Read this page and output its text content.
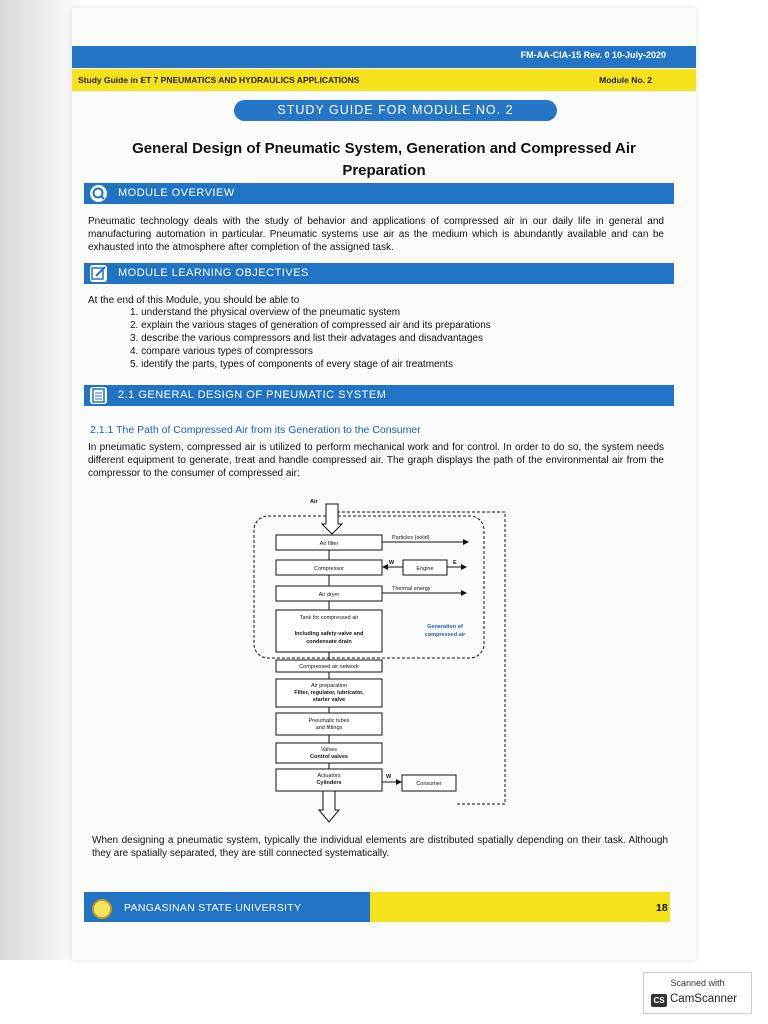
FM-AA-CIA-15 Rev. 0 10-July-2020
Study Guide in ET 7 PNEUMATICS AND HYDRAULICS APPLICATIONS	Module No. 2
STUDY GUIDE FOR MODULE NO. 2
General Design of Pneumatic System, Generation and Compressed Air
Preparation
MODULE OVERVIEW
Pneumatic technology deals with the study of behavior and applications of compressed air in our daily life in general and manufacturing automation in particular. Pneumatic systems use air as the medium which is abundantly available and can be exhausted into the atmosphere after completion of the assigned task.
MODULE LEARNING OBJECTIVES
At the end of this Module, you should be able to
1. understand the physical overview of the pneumatic system
2. explain the various stages of generation of compressed air and its preparations
3. describe the various compressors and list their advatages and disadvantages
4. compare various types of compressors
5. identify the parts, types of components of every stage of air treatments
2.1 GENERAL DESIGN OF PNEUMATIC SYSTEM
2.1.1 The Path of Compressed Air from its Generation to the Consumer
In pneumatic system, compressed air is utilized to perform mechanical work and for control. In order to do so, the system needs different equipment to generate, treat and handle compressed air. The graph displays the path of the environmental air from the compressor to the consumer of compressed air:
Air
Air filter
Particles (solid)
Compressor
W
Engine
E
Air dryer
Thermal energy
Tank for compressed air
Including safety-valve and
condensate drain
Generation of
compressed air
Compressed air network
Air preparation
Filter, regulator, lubricator,
starter valve
Pneumatic tubes
and fittings
Valves
Control valves
Actuators
Cylinders
W
Consumer
When designing a pneumatic system, typically the individual elements are distributed spatially depending on their task. Although they are spatially separated, they are still connected systematically.
PANGASINAN STATE UNIVERSITY	18
Scanned with
CS CamScanner
